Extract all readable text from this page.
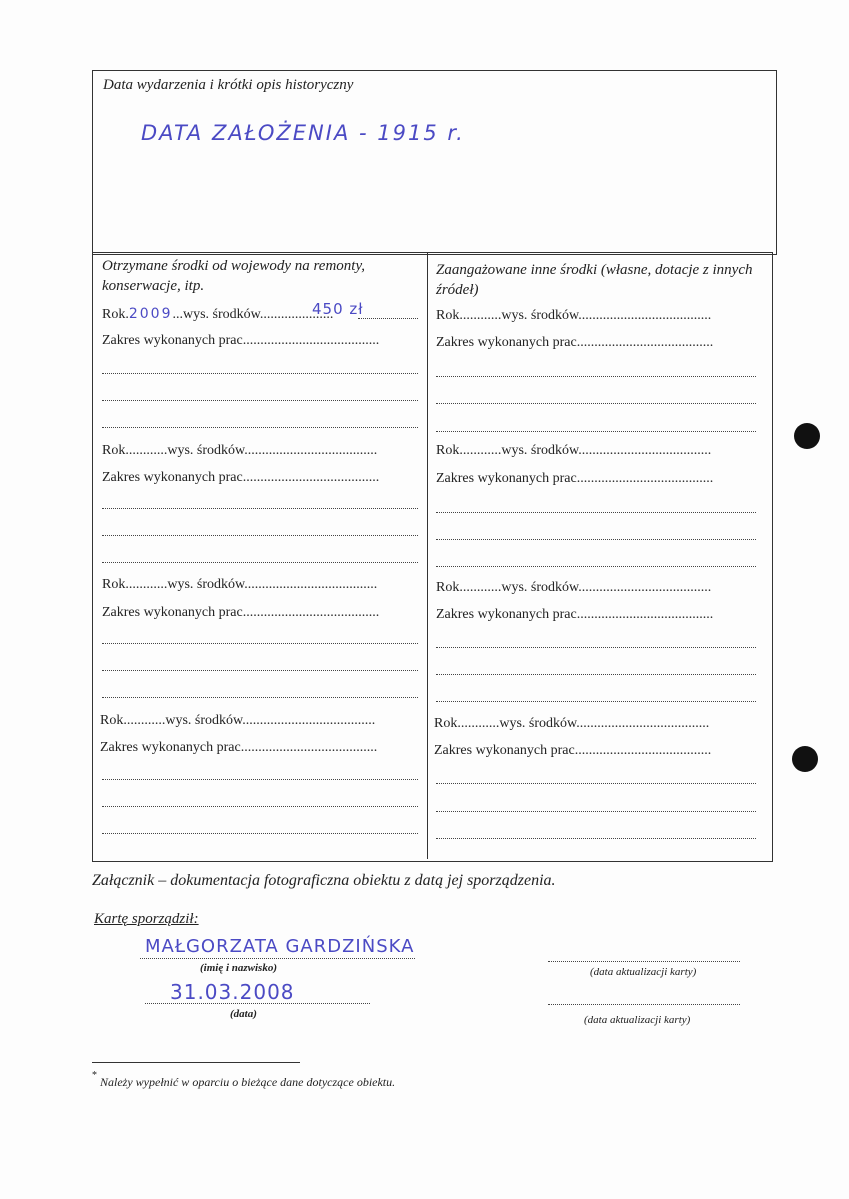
Data wydarzenia i krótki opis historyczny
DATA ZAŁOŻENIA - 1915 r.
Otrzymane środki od wojewody na remonty, konserwacje, itp.
Rok.2009...wys. środków.....................
450 zł
Zakres wykonanych prac.......................................
Rok............wys. środków......................................
Zakres wykonanych prac.......................................
Rok............wys. środków......................................
Zakres wykonanych prac.......................................
Rok............wys. środków......................................
Zakres wykonanych prac.......................................
Zaangażowane inne środki (własne, dotacje z innych źródeł)
Rok............wys. środków......................................
Zakres wykonanych prac.......................................
Rok............wys. środków......................................
Zakres wykonanych prac.......................................
Rok............wys. środków......................................
Zakres wykonanych prac.......................................
Rok............wys. środków......................................
Zakres wykonanych prac.......................................
Załącznik – dokumentacja fotograficzna obiektu z datą jej sporządzenia.
Kartę sporządził:
MAŁGORZATA GARDZIŃSKA
(imię i nazwisko)
31.03.2008
(data)
(data aktualizacji karty)
(data aktualizacji karty)
* Należy wypełnić w oparciu o bieżące dane dotyczące obiektu.
